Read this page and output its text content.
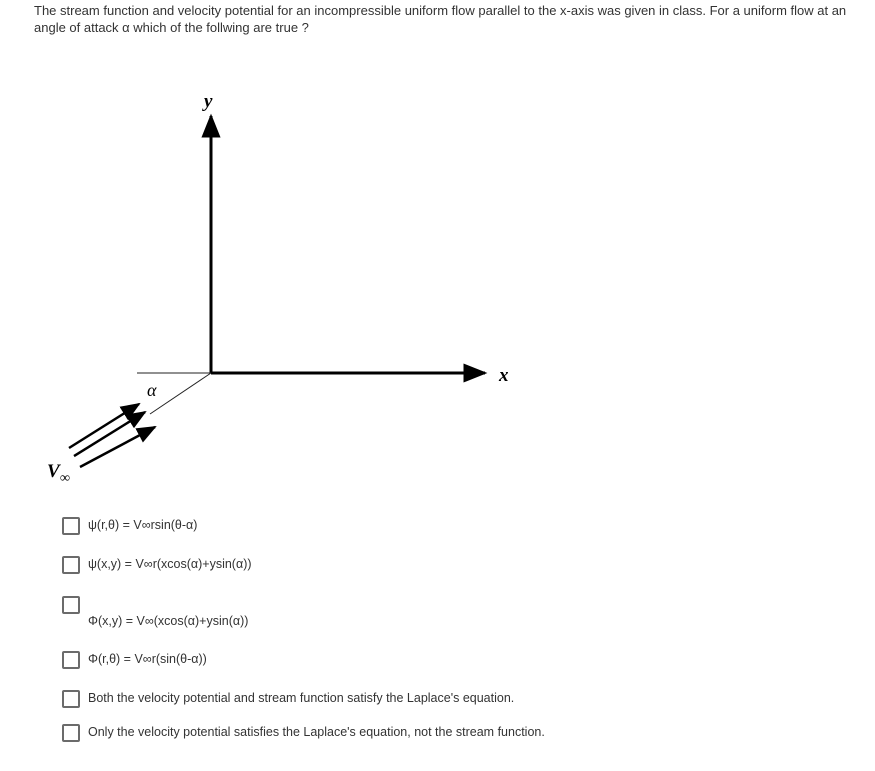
The stream function and velocity potential for an incompressible uniform flow parallel to the x-axis was given in class. For a uniform flow at an angle of attack α which of the follwing are true ?
y
x
α
V ∞
ψ(r,θ) = V∞rsin(θ-α)
ψ(x,y) = V∞r(xcos(α)+ysin(α))
Φ(x,y) = V∞(xcos(α)+ysin(α))
Φ(r,θ) = V∞r(sin(θ-α))
Both the velocity potential and stream function satisfy the Laplace's equation.
Only the velocity potential satisfies the Laplace's equation, not the stream function.
